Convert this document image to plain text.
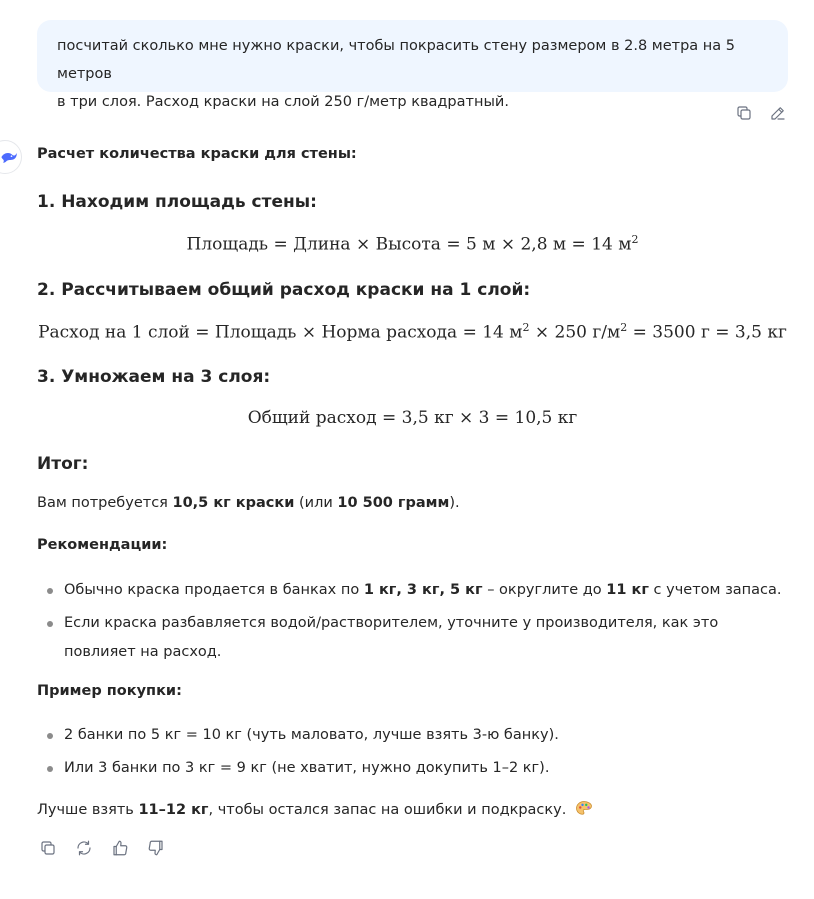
посчитай сколько мне нужно краски, чтобы покрасить стену размером в 2.8 метра на 5 метров
в три слоя. Расход краски на слой 250 г/метр квадратный.
Расчет количества краски для стены:
1. Находим площадь стены:
Площадь = Длина × Высота = 5 м × 2,8 м = 14 $м^2$
2. Рассчитываем общий расход краски на 1 слой:
Расход на 1 слой = Площадь × Норма расхода = 14 $м^2 \times 250$ $г/м^2 = 3500$ г = 3,5 кг
3. Умножаем на 3 слоя:
Общий расход = 3,5 кг × 3 = 10,5 кг
Итог:
Вам потребуется 10,5 кг краски (или 10 500 грамм).
Рекомендации:
Обычно краска продается в банках по 1 кг, 3 кг, 5 кг – округлите до 11 кг с учетом запаса.
Если краска разбавляется водой/растворителем, уточните у производителя, как это повлияет на расход.
Пример покупки:
2 банки по 5 кг = 10 кг (чуть маловато, лучше взять 3-ю банку).
Или 3 банки по 3 кг = 9 кг (не хватит, нужно докупить 1–2 кг).
Лучше взять 11–12 кг, чтобы остался запас на ошибки и подкраску.
